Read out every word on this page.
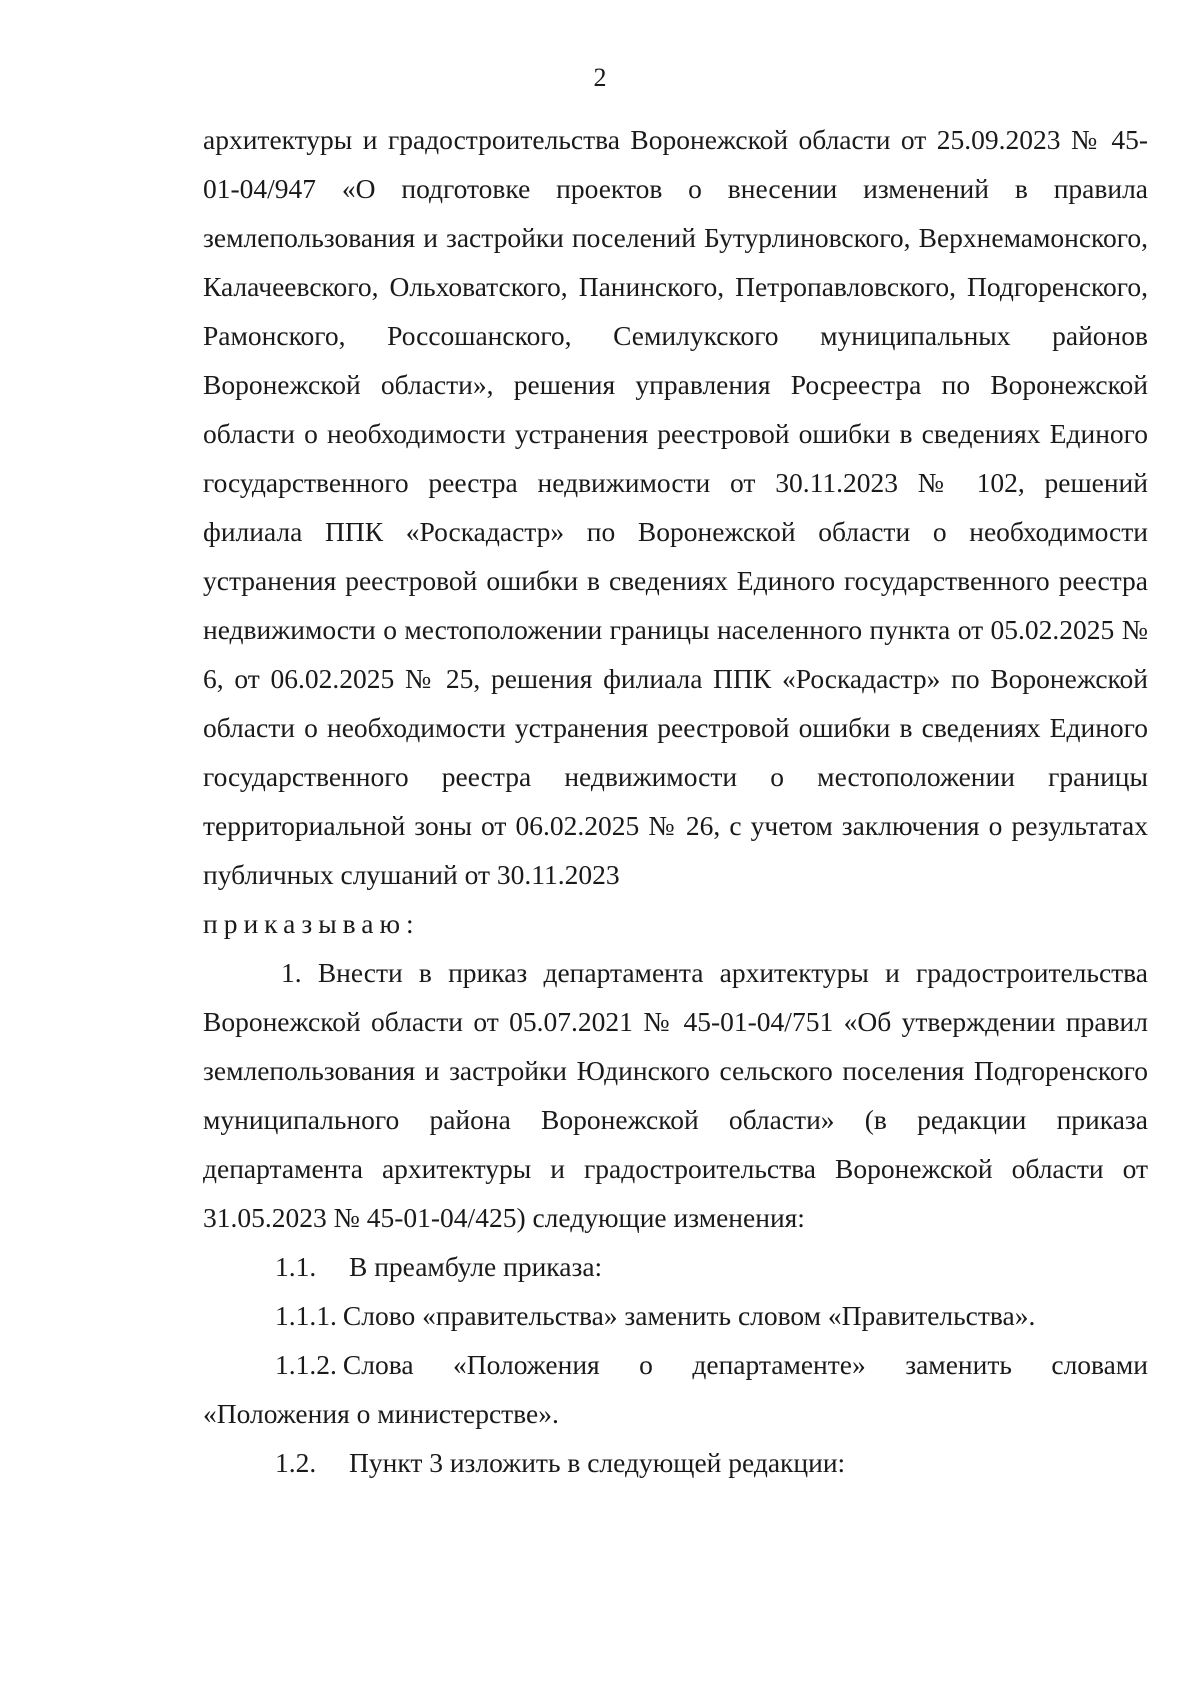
2

архитектуры и градостроительства Воронежской области от 25.09.2023 № 45-01-04/947 «О подготовке проектов о внесении изменений в правила землепользования и застройки поселений Бутурлиновского, Верхнемамонского, Калачеевского, Ольховатского, Панинского, Петропавловского, Подгоренского, Рамонского, Россошанского, Семилукского муниципальных районов Воронежской области», решения управления Росреестра по Воронежской области о необходимости устранения реестровой ошибки в сведениях Единого государственного реестра недвижимости от 30.11.2023 № 102, решений филиала ППК «Роскадастр» по Воронежской области о необходимости устранения реестровой ошибки в сведениях Единого государственного реестра недвижимости о местоположении границы населенного пункта от 05.02.2025 № 6, от 06.02.2025 № 25, решения филиала ППК «Роскадастр» по Воронежской области о необходимости устранения реестровой ошибки в сведениях Единого государственного реестра недвижимости о местоположении границы территориальной зоны от 06.02.2025 № 26, с учетом заключения о результатах публичных слушаний от 30.11.2023

приказываю:

1. Внести в приказ департамента архитектуры и градостроительства Воронежской области от 05.07.2021 № 45-01-04/751 «Об утверждении правил землепользования и застройки Юдинского сельского поселения Подгоренского муниципального района Воронежской области» (в редакции приказа департамента архитектуры и градостроительства Воронежской области от 31.05.2023 № 45-01-04/425) следующие изменения:

1.1.	В преамбуле приказа:

1.1.1. Слово «правительства» заменить словом «Правительства».

1.1.2. Слова «Положения о департаменте» заменить словами

«Положения о министерстве».

1.2.	Пункт 3 изложить в следующей редакции:
